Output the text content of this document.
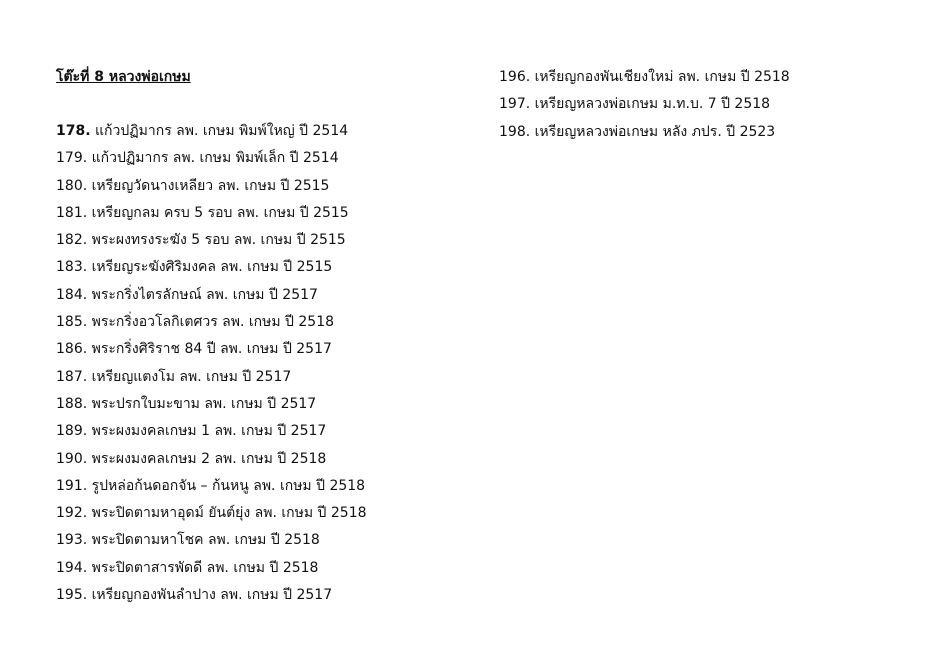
โต๊ะที่ 8 หลวงพ่อเกษม

178. แก้วปฏิมากร ลพ. เกษม พิมพ์ใหญ่ ปี 2514

179. แก้วปฏิมากร ลพ. เกษม พิมพ์เล็ก ปี 2514

180. เหรียญวัดนางเหลียว ลพ. เกษม ปี 2515

181. เหรียญกลม ครบ 5 รอบ ลพ. เกษม ปี 2515

182. พระผงทรงระฆัง 5 รอบ ลพ. เกษม ปี 2515

183. เหรียญระฆังศิริมงคล ลพ. เกษม ปี 2515

184. พระกริ่งไตรลักษณ์ ลพ. เกษม ปี 2517

185. พระกริ่งอวโลกิเตศวร ลพ. เกษม ปี 2518

186. พระกริ่งศิริราช 84 ปี ลพ. เกษม ปี 2517

187. เหรียญแตงโม ลพ. เกษม ปี 2517

188. พระปรกใบมะขาม ลพ. เกษม ปี 2517

189. พระผงมงคลเกษม 1 ลพ. เกษม ปี 2517

190. พระผงมงคลเกษม 2 ลพ. เกษม ปี 2518

191. รูปหล่อก้นดอกจัน – ก้นหนู ลพ. เกษม ปี 2518

192. พระปิดตามหาอุดม์ ยันต์ยุ่ง ลพ. เกษม ปี 2518

193. พระปิดตามหาโชค ลพ. เกษม ปี 2518

194. พระปิดตาสารพัดดี ลพ. เกษม ปี 2518

195. เหรียญกองพันลำปาง ลพ. เกษม ปี 2517

196. เหรียญกองพันเชียงใหม่ ลพ. เกษม ปี 2518

197. เหรียญหลวงพ่อเกษม ม.ท.บ. 7 ปี 2518

198. เหรียญหลวงพ่อเกษม หลัง ภปร. ปี 2523
